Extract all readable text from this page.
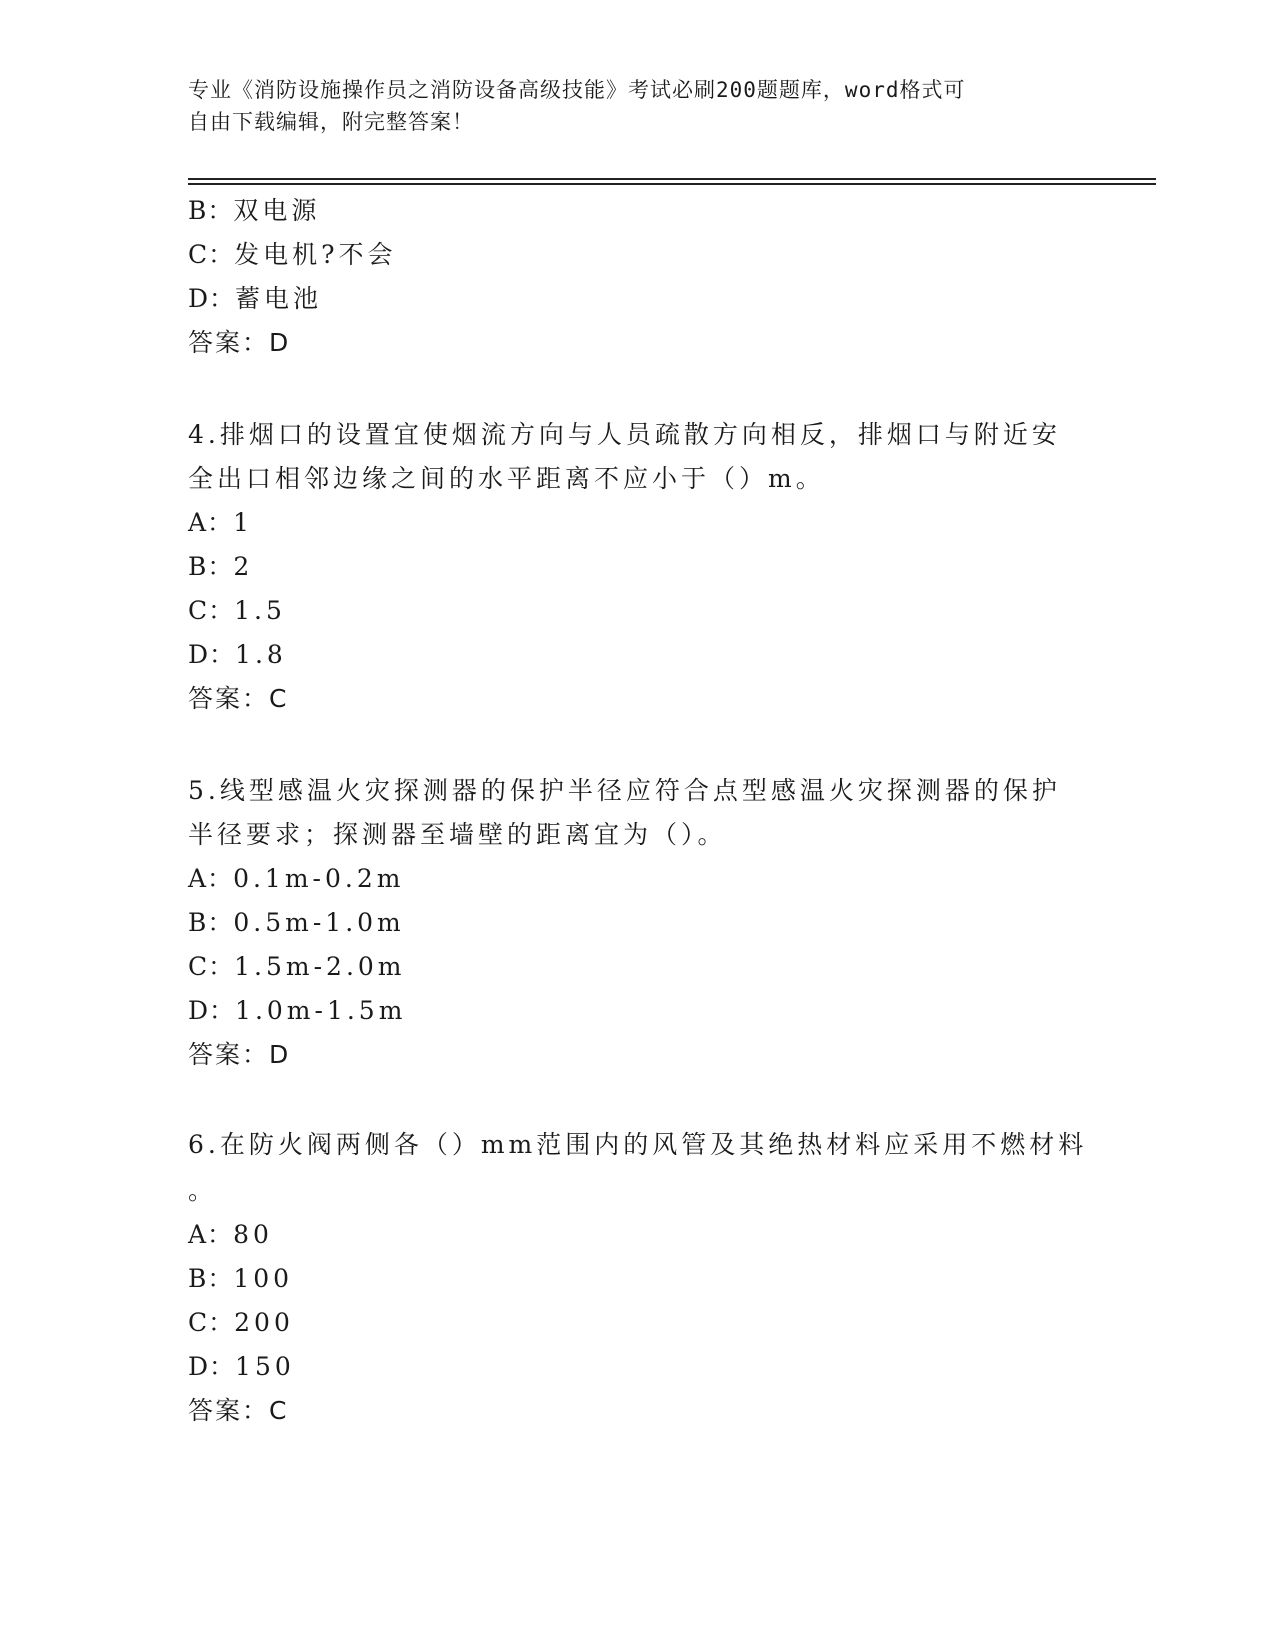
专业《消防设施操作员之消防设备高级技能》考试必刷200题题库，word格式可
自由下载编辑，附完整答案！
B：双电源
C：发电机?不会
D：蓄电池
答案：D
4.排烟口的设置宜使烟流方向与人员疏散方向相反，排烟口与附近安
全出口相邻边缘之间的水平距离不应小于（）m。
A：1
B：2
C：1.5
D：1.8
答案：C
5.线型感温火灾探测器的保护半径应符合点型感温火灾探测器的保护
半径要求；探测器至墙壁的距离宜为（）。
A：0.1m-0.2m
B：0.5m-1.0m
C：1.5m-2.0m
D：1.0m-1.5m
答案：D
6.在防火阀两侧各（）mm范围内的风管及其绝热材料应采用不燃材料
。
A：80
B：100
C：200
D：150
答案：C
